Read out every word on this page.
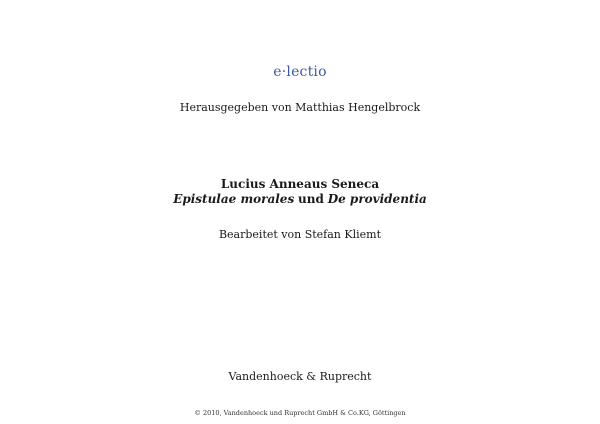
e·lectio
Herausgegeben von Matthias Hengelbrock
Lucius Anneaus Seneca
Epistulae morales und De providentia
Bearbeitet von Stefan Kliemt
Vandenhoeck & Ruprecht
© 2010, Vandenhoeck und Ruprecht GmbH & Co.KG, Göttingen
